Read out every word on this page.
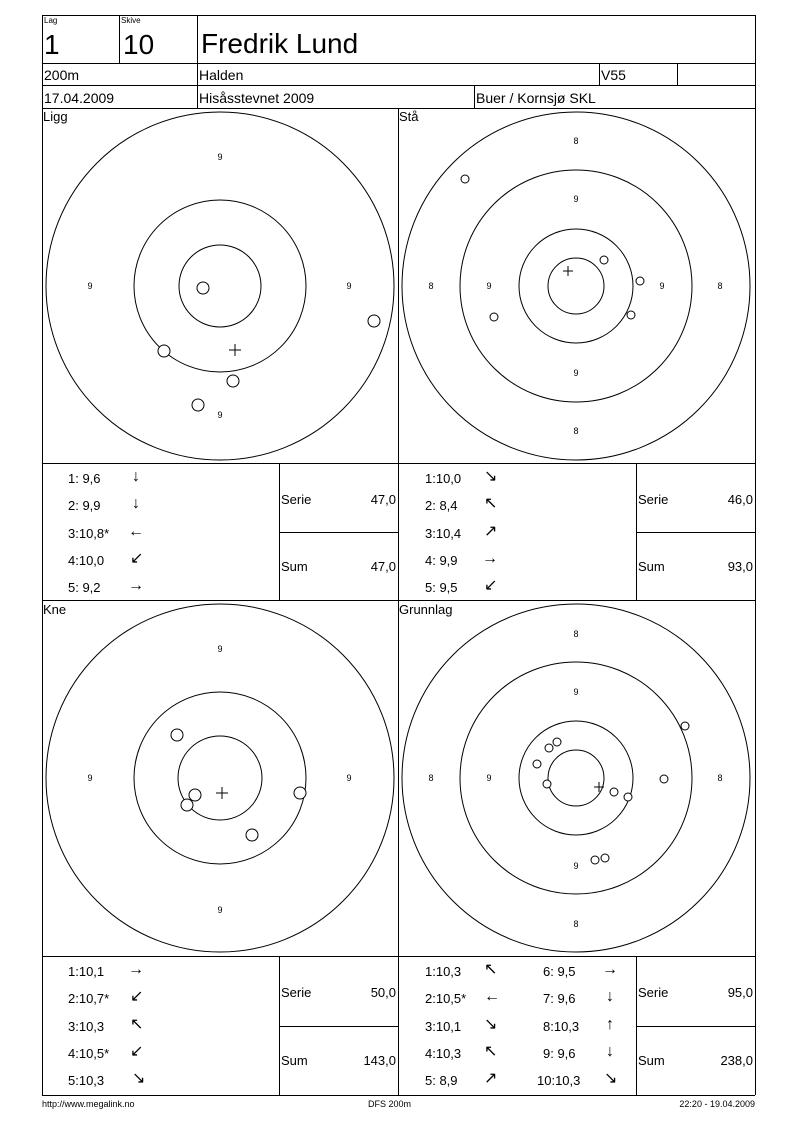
Lag
1
Skive
10 Fredrik Lund
200m	Halden	V55
17.04.2009	Hisåsstevnet 2009	Buer / Kornsjø SKL
Ligg	Stå
Kne	Grunnlag
9
9	9
9
8
9
8	9	9	8
9
8
9
9	9
9
8
9
8	9
9
8
8
1: 9,6 ↓
2: 9,9 ↓
3:10,8* ←
4:10,0 ↙
5: 9,2 →
Serie	47,0
Sum	47,0
1:10,0 ↘
2: 8,4 ↖
3:10,4 ↗
4: 9,9 →
5: 9,5 ↙
Serie	46,0
Sum	93,0
1:10,1 →
2:10,7* ↙
3:10,3 ↖
4:10,5* ↙
5:10,3 ↘
Serie	50,0
Sum	143,0
1:10,3 ↖
2:10,5* ←
3:10,1 ↘
4:10,3 ↖
5: 8,9 ↗
6: 9,5 →
7: 9,6 ↓
8:10,3 ↑
9: 9,6 ↓
10:10,3 ↘
Serie	95,0
Sum	238,0
http://www.megalink.no	DFS 200m	22:20 - 19.04.2009
